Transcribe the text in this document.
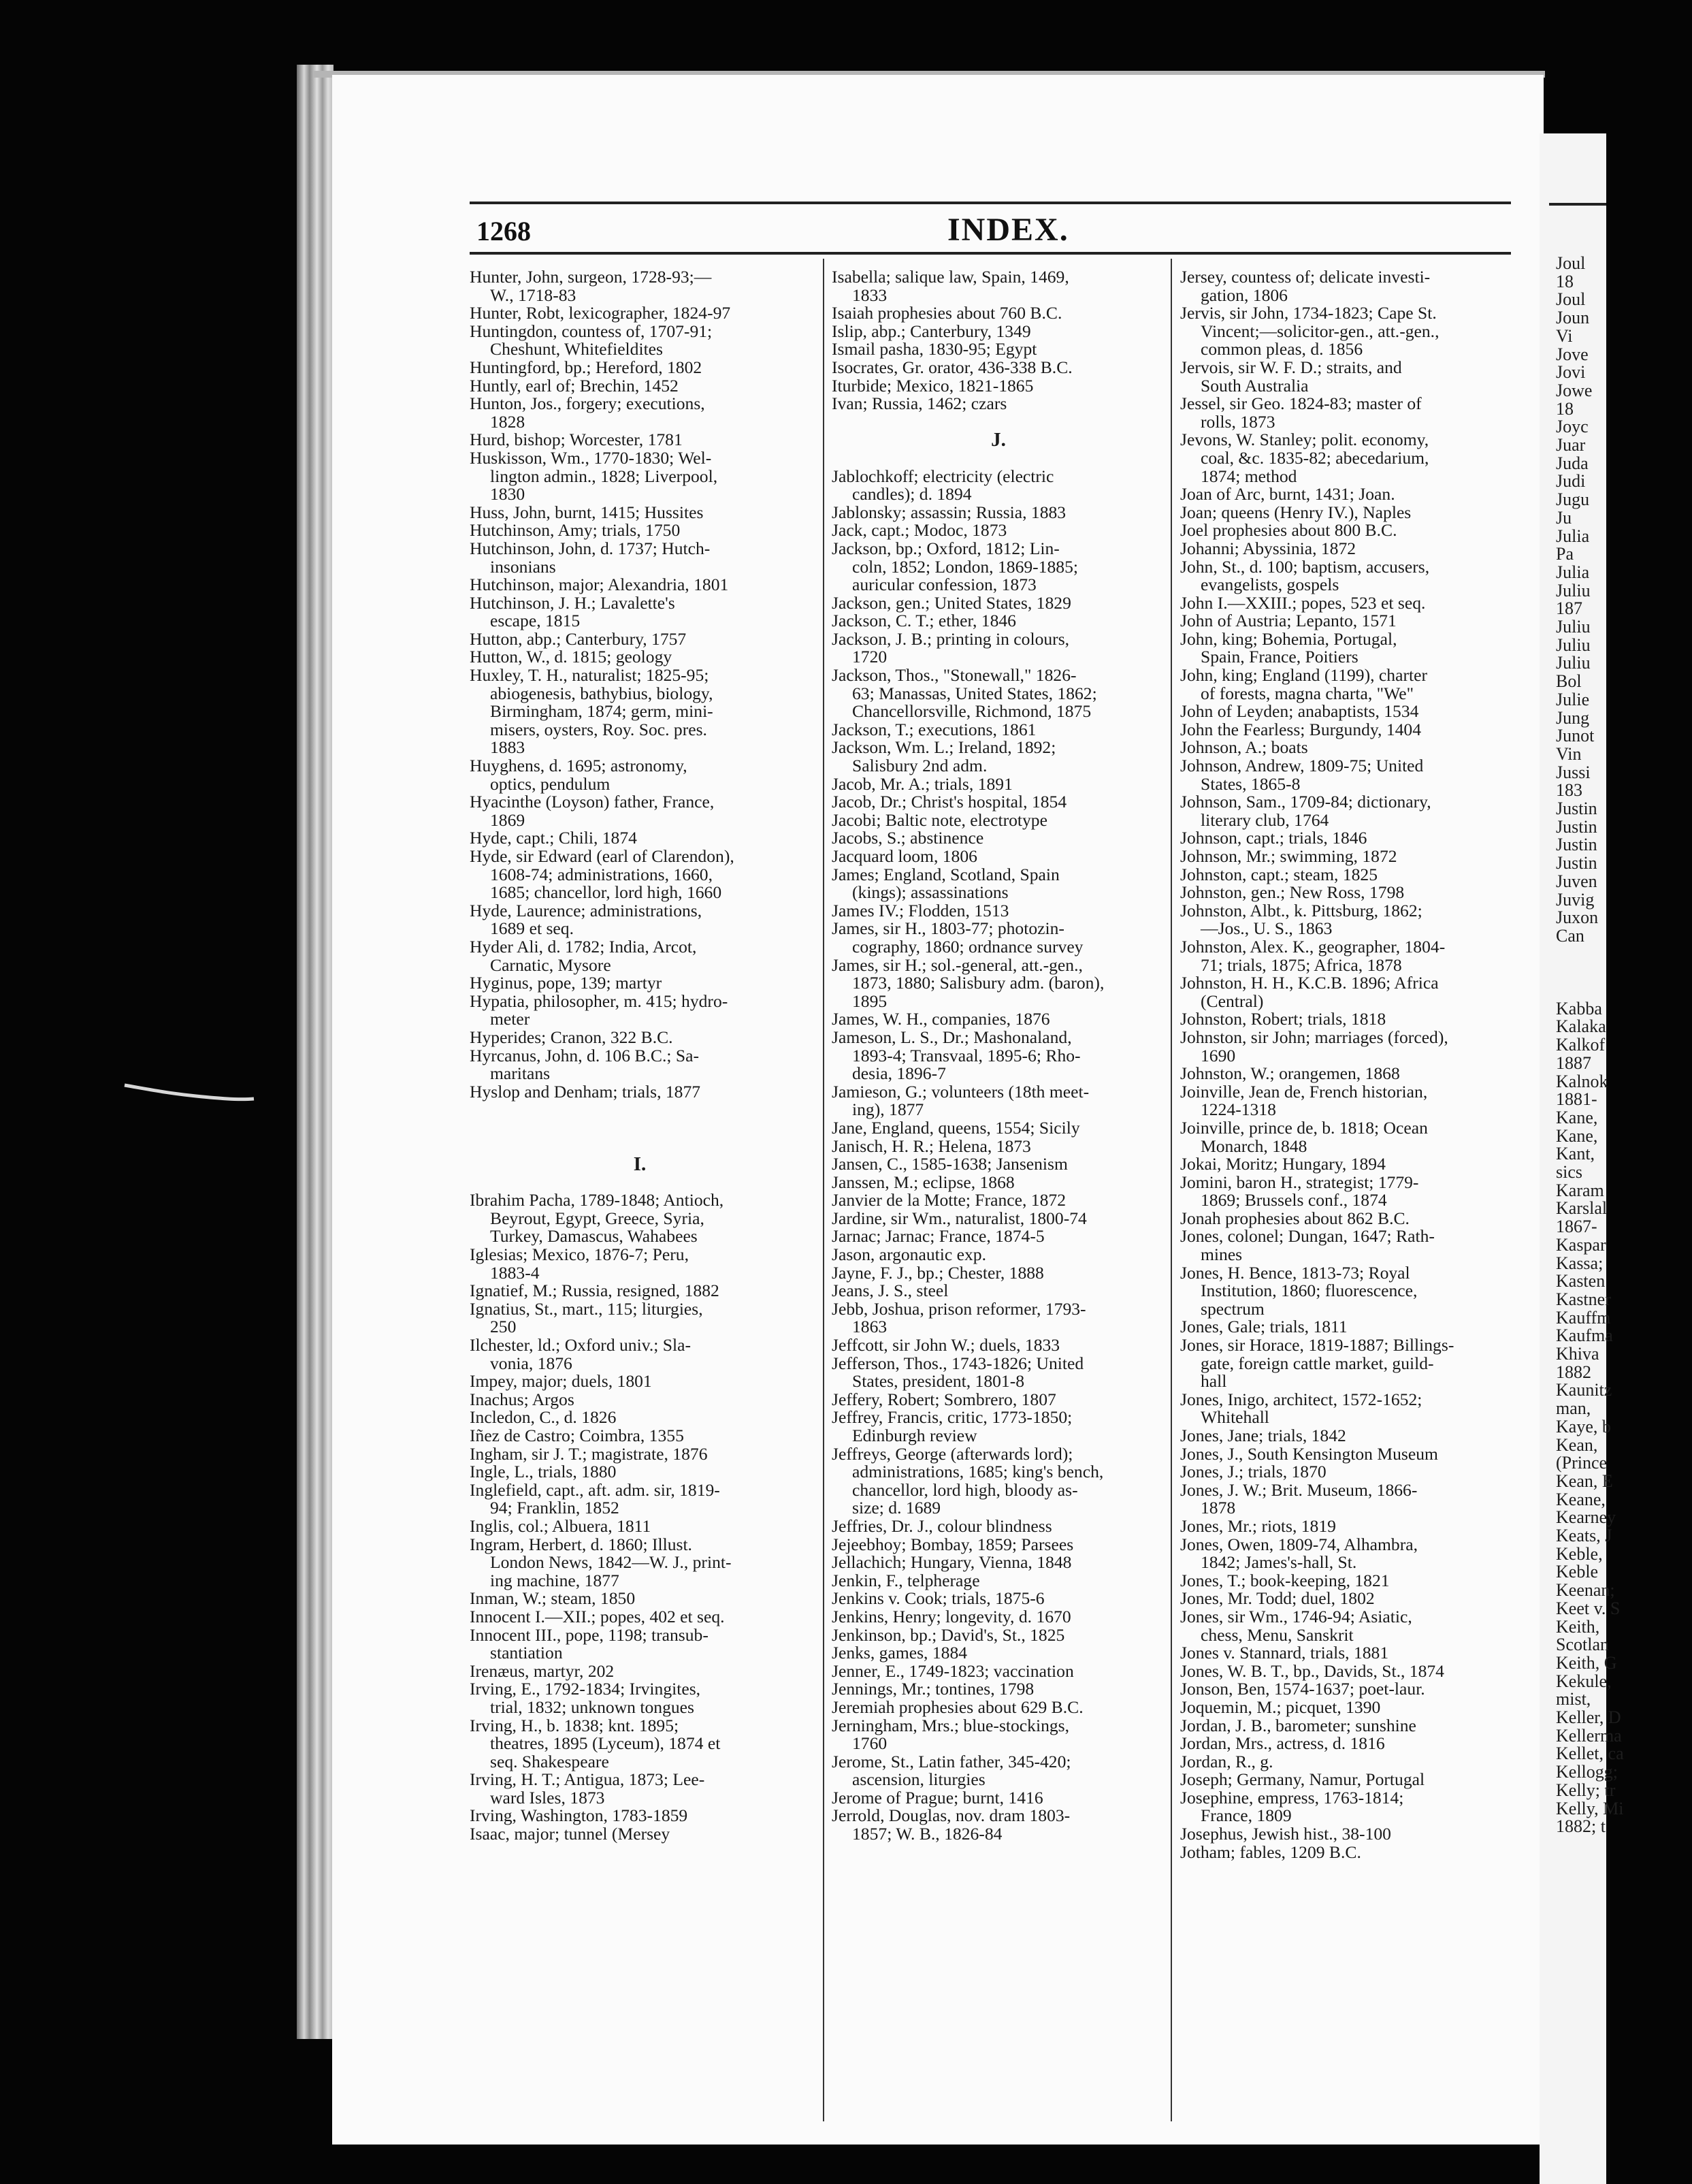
1268	INDEX.
Hunter, John, surgeon, 1728-93;—
W., 1718-83
Hunter, Robt, lexicographer, 1824-97
Huntingdon, countess of, 1707-91;
Cheshunt, Whitefieldites
Huntingford, bp.; Hereford, 1802
Huntly, earl of; Brechin, 1452
Hunton, Jos., forgery; executions,
1828
Hurd, bishop; Worcester, 1781
Huskisson, Wm., 1770-1830; Wel-
lington admin., 1828; Liverpool,
1830
Huss, John, burnt, 1415; Hussites
Hutchinson, Amy; trials, 1750
Hutchinson, John, d. 1737; Hutch-
insonians
Hutchinson, major; Alexandria, 1801
Hutchinson, J. H.; Lavalette's
escape, 1815
Hutton, abp.; Canterbury, 1757
Hutton, W., d. 1815; geology
Huxley, T. H., naturalist; 1825-95;
abiogenesis, bathybius, biology,
Birmingham, 1874; germ, mini-
misers, oysters, Roy. Soc. pres.
1883
Huyghens, d. 1695; astronomy,
optics, pendulum
Hyacinthe (Loyson) father, France,
1869
Hyde, capt.; Chili, 1874
Hyde, sir Edward (earl of Clarendon),
1608-74; administrations, 1660,
1685; chancellor, lord high, 1660
Hyde, Laurence; administrations,
1689 et seq.
Hyder Ali, d. 1782; India, Arcot,
Carnatic, Mysore
Hyginus, pope, 139; martyr
Hypatia, philosopher, m. 415; hydro-
meter
Hyperides; Cranon, 322 B.C.
Hyrcanus, John, d. 106 B.C.; Sa-
maritans
Hyslop and Denham; trials, 1877
I.
Ibrahim Pacha, 1789-1848; Antioch,
Beyrout, Egypt, Greece, Syria,
Turkey, Damascus, Wahabees
Iglesias; Mexico, 1876-7; Peru,
1883-4
Ignatief, M.; Russia, resigned, 1882
Ignatius, St., mart., 115; liturgies,
250
Ilchester, ld.; Oxford univ.; Sla-
vonia, 1876
Impey, major; duels, 1801
Inachus; Argos
Incledon, C., d. 1826
Iñez de Castro; Coimbra, 1355
Ingham, sir J. T.; magistrate, 1876
Ingle, L., trials, 1880
Inglefield, capt., aft. adm. sir, 1819-
94; Franklin, 1852
Inglis, col.; Albuera, 1811
Ingram, Herbert, d. 1860; Illust.
London News, 1842—W. J., print-
ing machine, 1877
Inman, W.; steam, 1850
Innocent I.—XII.; popes, 402 et seq.
Innocent III., pope, 1198; transub-
stantiation
Irenæus, martyr, 202
Irving, E., 1792-1834; Irvingites,
trial, 1832; unknown tongues
Irving, H., b. 1838; knt. 1895;
theatres, 1895 (Lyceum), 1874 et
seq. Shakespeare
Irving, H. T.; Antigua, 1873; Lee-
ward Isles, 1873
Irving, Washington, 1783-1859
Isaac, major; tunnel (Mersey
Isabella; salique law, Spain, 1469,
1833
Isaiah prophesies about 760 B.C.
Islip, abp.; Canterbury, 1349
Ismail pasha, 1830-95; Egypt
Isocrates, Gr. orator, 436-338 B.C.
Iturbide; Mexico, 1821-1865
Ivan; Russia, 1462; czars
J.
Jablochkoff; electricity (electric
candles); d. 1894
Jablonsky; assassin; Russia, 1883
Jack, capt.; Modoc, 1873
Jackson, bp.; Oxford, 1812; Lin-
coln, 1852; London, 1869-1885;
auricular confession, 1873
Jackson, gen.; United States, 1829
Jackson, C. T.; ether, 1846
Jackson, J. B.; printing in colours,
1720
Jackson, Thos., "Stonewall," 1826-
63; Manassas, United States, 1862;
Chancellorsville, Richmond, 1875
Jackson, T.; executions, 1861
Jackson, Wm. L.; Ireland, 1892;
Salisbury 2nd adm.
Jacob, Mr. A.; trials, 1891
Jacob, Dr.; Christ's hospital, 1854
Jacobi; Baltic note, electrotype
Jacobs, S.; abstinence
Jacquard loom, 1806
James; England, Scotland, Spain
(kings); assassinations
James IV.; Flodden, 1513
James, sir H., 1803-77; photozin-
cography, 1860; ordnance survey
James, sir H.; sol.-general, att.-gen.,
1873, 1880; Salisbury adm. (baron),
1895
James, W. H., companies, 1876
Jameson, L. S., Dr.; Mashonaland,
1893-4; Transvaal, 1895-6; Rho-
desia, 1896-7
Jamieson, G.; volunteers (18th meet-
ing), 1877
Jane, England, queens, 1554; Sicily
Janisch, H. R.; Helena, 1873
Jansen, C., 1585-1638; Jansenism
Janssen, M.; eclipse, 1868
Janvier de la Motte; France, 1872
Jardine, sir Wm., naturalist, 1800-74
Jarnac; Jarnac; France, 1874-5
Jason, argonautic exp.
Jayne, F. J., bp.; Chester, 1888
Jeans, J. S., steel
Jebb, Joshua, prison reformer, 1793-
1863
Jeffcott, sir John W.; duels, 1833
Jefferson, Thos., 1743-1826; United
States, president, 1801-8
Jeffery, Robert; Sombrero, 1807
Jeffrey, Francis, critic, 1773-1850;
Edinburgh review
Jeffreys, George (afterwards lord);
administrations, 1685; king's bench,
chancellor, lord high, bloody as-
size; d. 1689
Jeffries, Dr. J., colour blindness
Jejeebhoy; Bombay, 1859; Parsees
Jellachich; Hungary, Vienna, 1848
Jenkin, F., telpherage
Jenkins v. Cook; trials, 1875-6
Jenkins, Henry; longevity, d. 1670
Jenkinson, bp.; David's, St., 1825
Jenks, games, 1884
Jenner, E., 1749-1823; vaccination
Jennings, Mr.; tontines, 1798
Jeremiah prophesies about 629 B.C.
Jerningham, Mrs.; blue-stockings,
1760
Jerome, St., Latin father, 345-420;
ascension, liturgies
Jerome of Prague; burnt, 1416
Jerrold, Douglas, nov. dram 1803-
1857; W. B., 1826-84
Jersey, countess of; delicate investi-
gation, 1806
Jervis, sir John, 1734-1823; Cape St.
Vincent;—solicitor-gen., att.-gen.,
common pleas, d. 1856
Jervois, sir W. F. D.; straits, and
South Australia
Jessel, sir Geo. 1824-83; master of
rolls, 1873
Jevons, W. Stanley; polit. economy,
coal, &c. 1835-82; abecedarium,
1874; method
Joan of Arc, burnt, 1431; Joan.
Joan; queens (Henry IV.), Naples
Joel prophesies about 800 B.C.
Johanni; Abyssinia, 1872
John, St., d. 100; baptism, accusers,
evangelists, gospels
John I.—XXIII.; popes, 523 et seq.
John of Austria; Lepanto, 1571
John, king; Bohemia, Portugal,
Spain, France, Poitiers
John, king; England (1199), charter
of forests, magna charta, "We"
John of Leyden; anabaptists, 1534
John the Fearless; Burgundy, 1404
Johnson, A.; boats
Johnson, Andrew, 1809-75; United
States, 1865-8
Johnson, Sam., 1709-84; dictionary,
literary club, 1764
Johnson, capt.; trials, 1846
Johnson, Mr.; swimming, 1872
Johnston, capt.; steam, 1825
Johnston, gen.; New Ross, 1798
Johnston, Albt., k. Pittsburg, 1862;
—Jos., U. S., 1863
Johnston, Alex. K., geographer, 1804-
71; trials, 1875; Africa, 1878
Johnston, H. H., K.C.B. 1896; Africa
(Central)
Johnston, Robert; trials, 1818
Johnston, sir John; marriages (forced),
1690
Johnston, W.; orangemen, 1868
Joinville, Jean de, French historian,
1224-1318
Joinville, prince de, b. 1818; Ocean
Monarch, 1848
Jokai, Moritz; Hungary, 1894
Jomini, baron H., strategist; 1779-
1869; Brussels conf., 1874
Jonah prophesies about 862 B.C.
Jones, colonel; Dungan, 1647; Rath-
mines
Jones, H. Bence, 1813-73; Royal
Institution, 1860; fluorescence,
spectrum
Jones, Gale; trials, 1811
Jones, sir Horace, 1819-1887; Billings-
gate, foreign cattle market, guild-
hall
Jones, Inigo, architect, 1572-1652;
Whitehall
Jones, Jane; trials, 1842
Jones, J., South Kensington Museum
Jones, J.; trials, 1870
Jones, J. W.; Brit. Museum, 1866-
1878
Jones, Mr.; riots, 1819
Jones, Owen, 1809-74, Alhambra,
1842; James's-hall, St.
Jones, T.; book-keeping, 1821
Jones, Mr. Todd; duel, 1802
Jones, sir Wm., 1746-94; Asiatic,
chess, Menu, Sanskrit
Jones v. Stannard, trials, 1881
Jones, W. B. T., bp., Davids, St., 1874
Jonson, Ben, 1574-1637; poet-laur.
Joquemin, M.; picquet, 1390
Jordan, J. B., barometer; sunshine
Jordan, Mrs., actress, d. 1816
Jordan, R., g.
Joseph; Germany, Namur, Portugal
Josephine, empress, 1763-1814;
France, 1809
Josephus, Jewish hist., 38-100
Jotham; fables, 1209 B.C.
Joul
18
Joul
Joun
Vi
Jove
Jovi
Jowe
18
Joyc
Juar
Juda
Judi
Jugu
Ju
Julia
Pa
Julia
Juliu
187
Juliu
Juliu
Juliu
Bol
Julie
Jung
Junot
Vin
Jussi
183
Justin
Justin
Justin
Justin
Juven
Juvig
Juxon
Can
Kabba
Kalaka
Kalkof
1887
Kalnok
1881-
Kane,
Kane,
Kant,
sics
Karam
Karslal
1867-
Kaspar
Kassa;
Kasten
Kastner
Kauffm
Kaufma
Khiva
1882
Kaunitz
man,
Kaye, b
Kean,
(Prince
Kean, E
Keane,
Kearney
Keats, J
Keble,
Keble
Keenan;
Keet v. S
Keith,
Scotlan
Keith, G
Kekule,
mist,
Keller, D
Kellerma
Kellet, ca
Kellogg;
Kelly; tr
Kelly, Mi
1882; t
